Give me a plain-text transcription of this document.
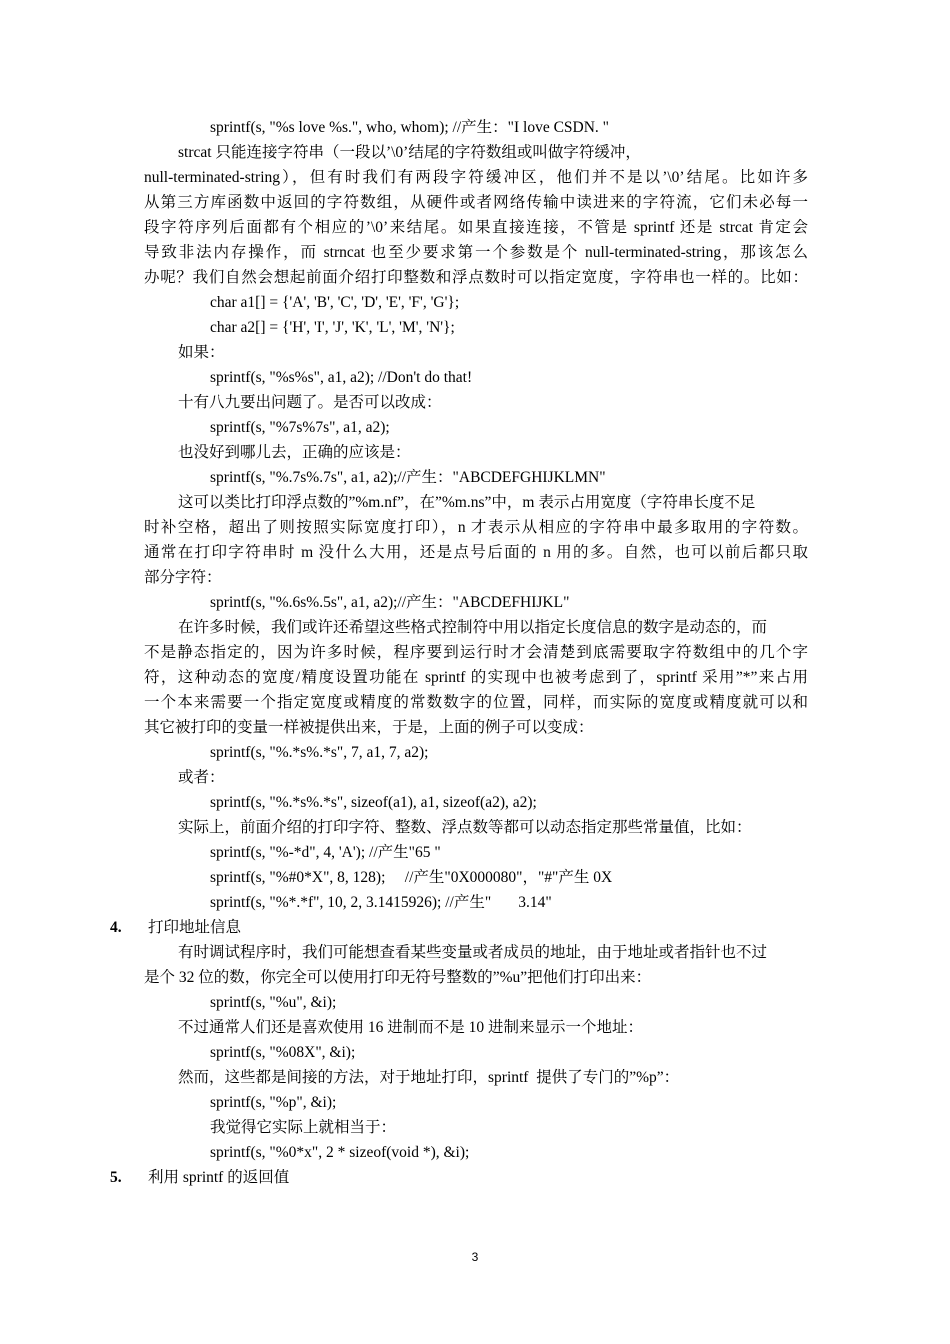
sprintf(s, "%s love %s.", who, whom); //产生："I love CSDN. "
strcat 只能连接字符串（一段以’\0’结尾的字符数组或叫做字符缓冲，
null-terminated-string），但有时我们有两段字符缓冲区，他们并不是以’\0’结尾。比如许多
从第三方库函数中返回的字符数组，从硬件或者网络传输中读进来的字符流，它们未必每一
段字符序列后面都有个相应的’\0’来结尾。如果直接连接，不管是 sprintf 还是 strcat 肯定会
导致非法内存操作，而 strncat 也至少要求第一个参数是个 null-terminated-string，那该怎么
办呢？我们自然会想起前面介绍打印整数和浮点数时可以指定宽度，字符串也一样的。比如：
char a1[] = {'A', 'B', 'C', 'D', 'E', 'F', 'G'};
char a2[] = {'H', 'I', 'J', 'K', 'L', 'M', 'N'};
如果：
sprintf(s, "%s%s", a1, a2); //Don't do that!
十有八九要出问题了。是否可以改成：
sprintf(s, "%7s%7s", a1, a2);
也没好到哪儿去，正确的应该是：
sprintf(s, "%.7s%.7s", a1, a2);//产生："ABCDEFGHIJKLMN"
这可以类比打印浮点数的”%m.nf”，在”%m.ns”中，m 表示占用宽度（字符串长度不足
时补空格，超出了则按照实际宽度打印），n 才表示从相应的字符串中最多取用的字符数。
通常在打印字符串时 m 没什么大用，还是点号后面的 n 用的多。自然，也可以前后都只取
部分字符：
sprintf(s, "%.6s%.5s", a1, a2);//产生："ABCDEFHIJKL"
在许多时候，我们或许还希望这些格式控制符中用以指定长度信息的数字是动态的，而
不是静态指定的，因为许多时候，程序要到运行时才会清楚到底需要取字符数组中的几个字
符，这种动态的宽度/精度设置功能在 sprintf 的实现中也被考虑到了，sprintf 采用”*”来占用
一个本来需要一个指定宽度或精度的常数数字的位置，同样，而实际的宽度或精度就可以和
其它被打印的变量一样被提供出来，于是，上面的例子可以变成：
sprintf(s, "%.*s%.*s", 7, a1, 7, a2);
或者：
sprintf(s, "%.*s%.*s", sizeof(a1), a1, sizeof(a2), a2);
实际上，前面介绍的打印字符、整数、浮点数等都可以动态指定那些常量值，比如：
sprintf(s, "%-*d", 4, 'A'); //产生"65 "
sprintf(s, "%#0*X", 8, 128);     //产生"0X000080"，"#"产生 0X
sprintf(s, "%*.*f", 10, 2, 3.1415926); //产生"       3.14"
4. 打印地址信息
有时调试程序时，我们可能想查看某些变量或者成员的地址，由于地址或者指针也不过
是个 32 位的数，你完全可以使用打印无符号整数的”%u”把他们打印出来：
sprintf(s, "%u", &i);
不过通常人们还是喜欢使用 16 进制而不是 10 进制来显示一个地址：
sprintf(s, "%08X", &i);
然而，这些都是间接的方法，对于地址打印，sprintf  提供了专门的”%p”：
sprintf(s, "%p", &i);
我觉得它实际上就相当于：
sprintf(s, "%0*x", 2 * sizeof(void *), &i);
5. 利用 sprintf 的返回值
3
